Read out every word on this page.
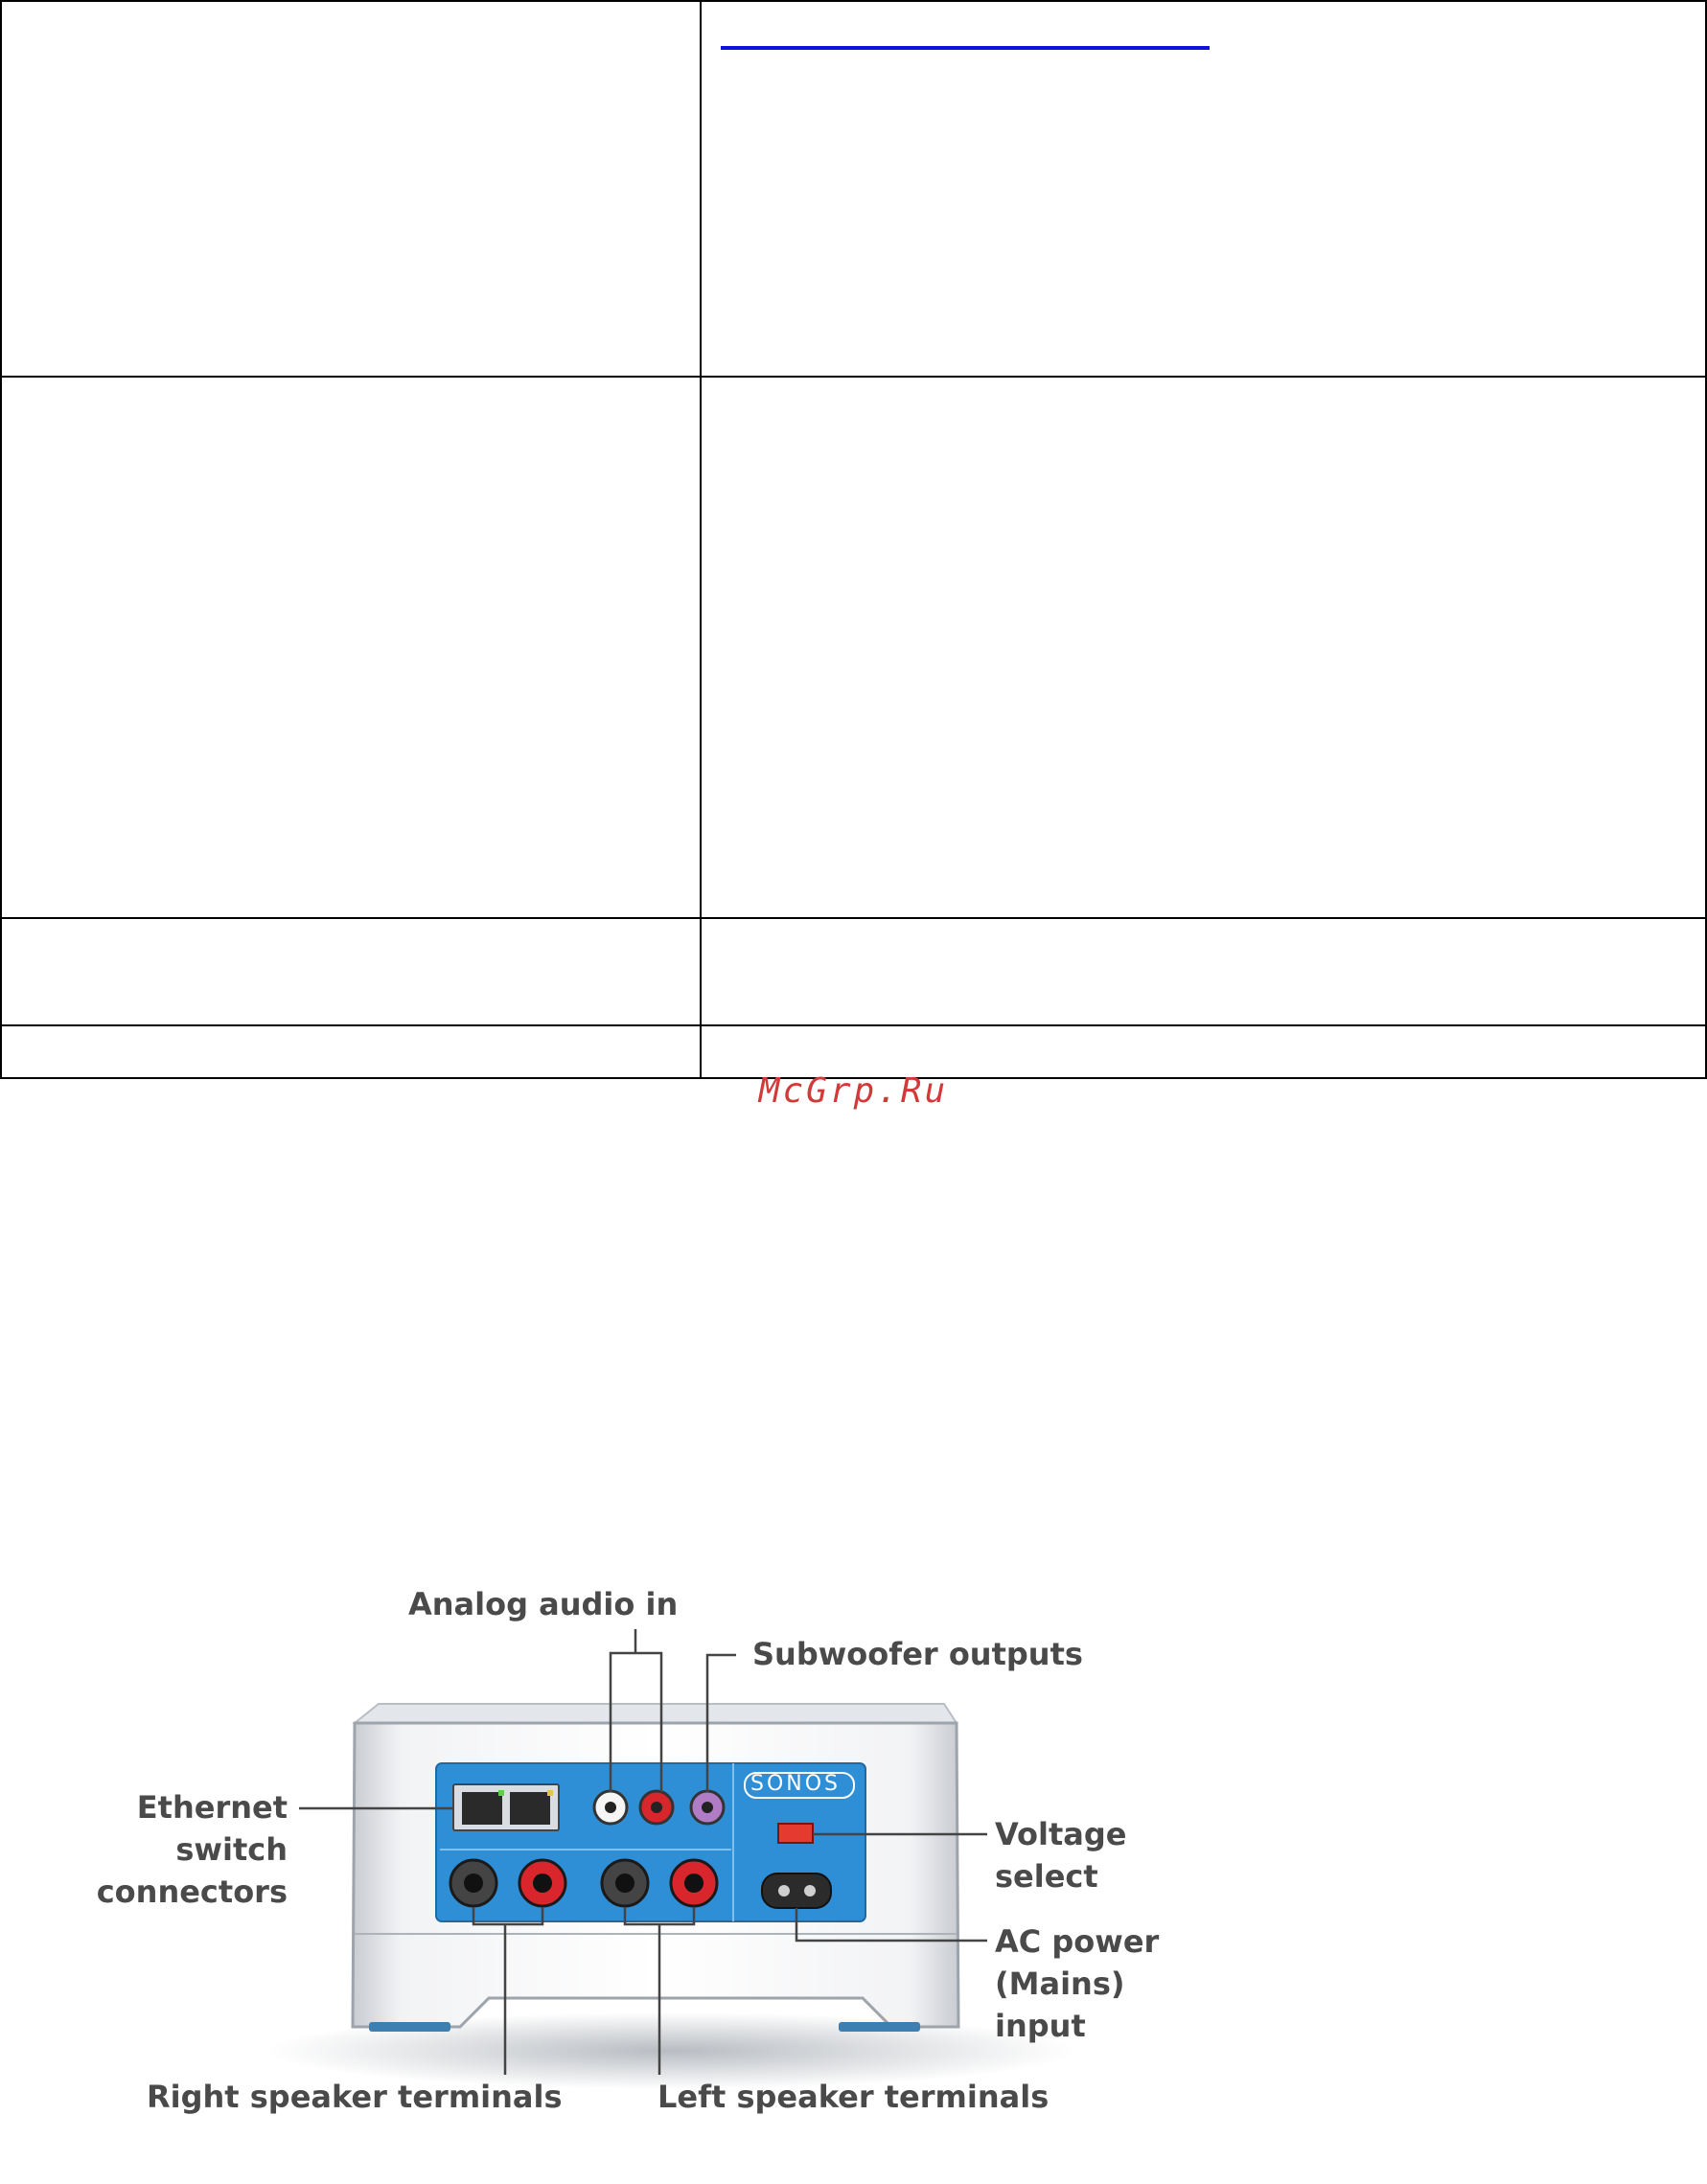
McGrp.Ru
SONOS
Analog audio in
Subwoofer outputs
Ethernet
switch
connectors
Voltage
select
AC power
(Mains)
input
Right speaker terminals	Left speaker terminals
